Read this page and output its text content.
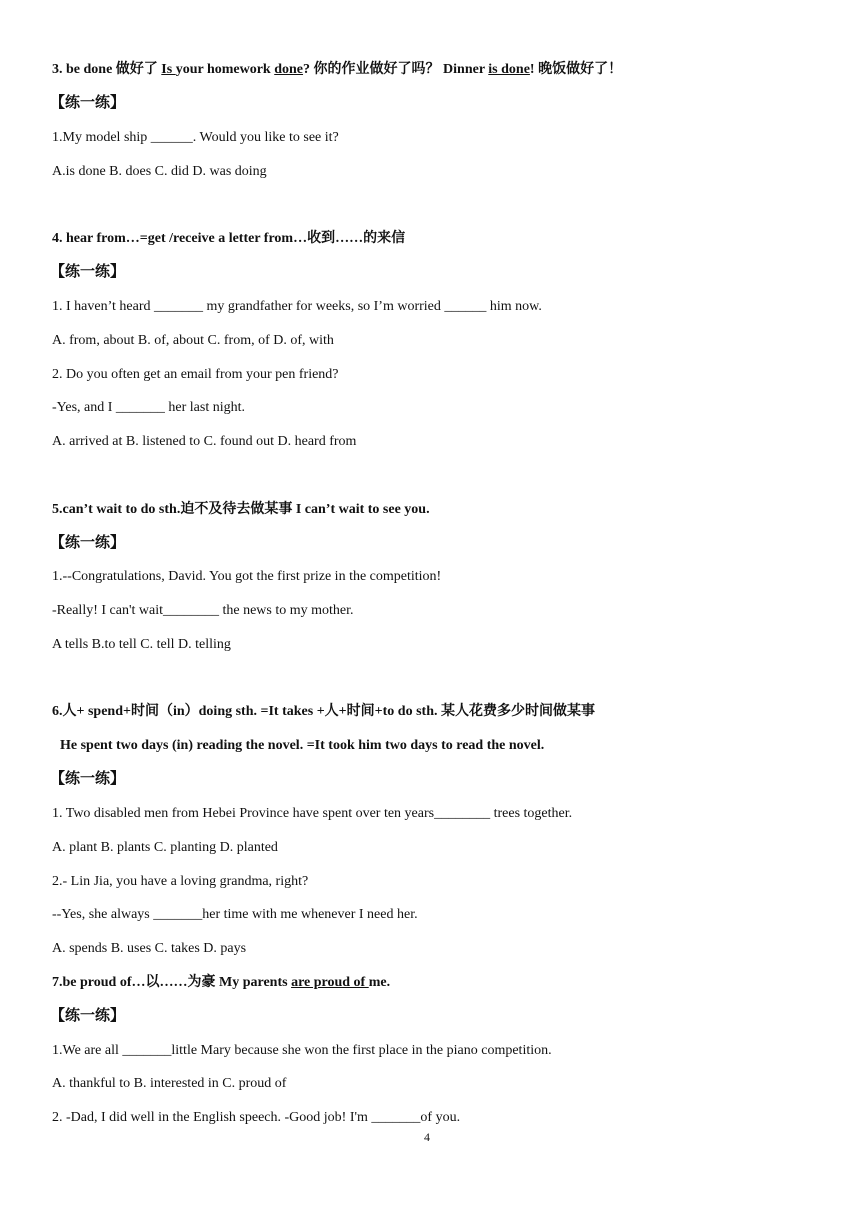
3. be done 做好了 Is your homework done? 你的作业做好了吗？ Dinner is done! 晚饭做好了！
【练一练】
1.My model ship ______. Would you like to see it?
A.is done B. does C. did D. was doing
4. hear from…=get /receive a letter from…收到……的来信
【练一练】
1. I haven’t heard _______ my grandfather for weeks, so I’m worried ______ him now.
A. from, about B. of, about C. from, of D. of, with
2. Do you often get an email from your pen friend?
-Yes, and I _______ her last night.
A. arrived at B. listened to C. found out D. heard from
5.can’t wait to do sth.迫不及待去做某事 I can’t wait to see you.
【练一练】
1.--Congratulations, David. You got the first prize in the competition!
-Really! I can't wait________ the news to my mother.
A tells B.to tell C. tell D. telling
6.人+ spend+时间（in）doing sth. =It takes +人+时间+to do sth. 某人花费多少时间做某事
He spent two days (in) reading the novel. =It took him two days to read the novel.
【练一练】
1. Two disabled men from Hebei Province have spent over ten years________ trees together.
A. plant B. plants C. planting D. planted
2.- Lin Jia, you have a loving grandma, right?
--Yes, she always _______her time with me whenever I need her.
A. spends B. uses C. takes D. pays
7.be proud of…以……为豪 My parents are proud of me.
【练一练】
1.We are all _______little Mary because she won the first place in the piano competition.
A. thankful to B. interested in C. proud of
2. -Dad, I did well in the English speech. -Good job! I'm _______of you.
4
